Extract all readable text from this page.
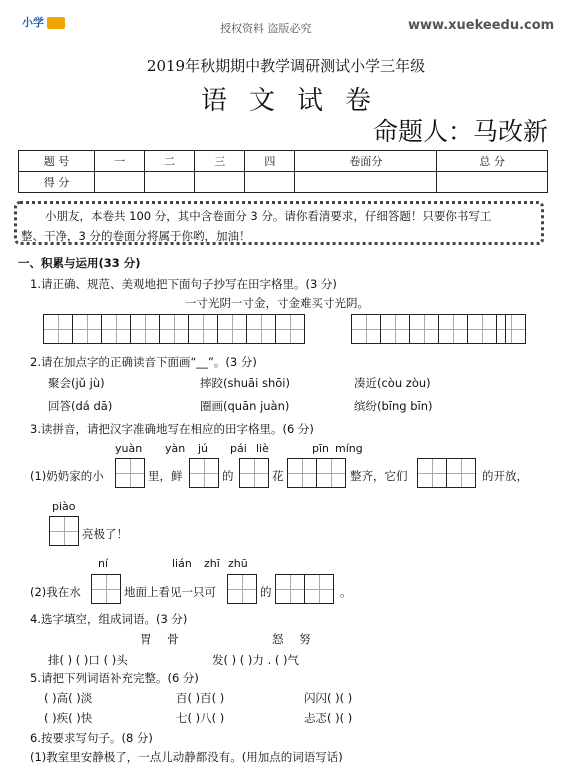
小学	授权资料 盗版必究	www.xuekeedu.com
2019年秋期期中教学调研测试小学三年级
语文试卷
命题人：马改新
题 号	一	二	三	四	卷面分	总 分
得 分						
小朋友，本卷共 100 分，其中含卷面分 3 分。请你看清要求，仔细答题！只要你书写工
整、干净，3 分的卷面分将属于你哟，加油！
一、积累与运用(33 分)
1.请正确、规范、美观地把下面句子抄写在田字格里。(3 分)
一寸光阴一寸金，寸金难买寸光阴。
2.请在加点字的正确读音下面画“__”。(3 分)
聚会(jǔ jù)	摔跤(shuāi shōi)	凑近(còu zòu)
回答(dá dā)	圈画(quān juàn)	缤纷(bīng bīn)
3.读拼音，请把汉字准确地写在相应的田字格里。(6 分)
yuàn yàn jú pái liè	pīn míng
(1)奶奶家的小	里，鲜	的	花	整齐，它们	的开放，
piào
亮极了！
ní	lián zhī zhū
(2)我在水	地面上看见一只可	的	。
4.选字填空，组成词语。(3 分)
胃 骨	怒 努
排( ) ( )口 ( )头	发( ) ( )力 . ( )气
5.请把下列词语补充完整。(6 分)
( )高( )淡	百( )百( )	闪闪( )( )
( )疾( )快	七( )八( )	忐忑( )( )
6.按要求写句子。(8 分)
(1)教室里安静极了，一点儿动静都没有。(用加点的词语写话)
